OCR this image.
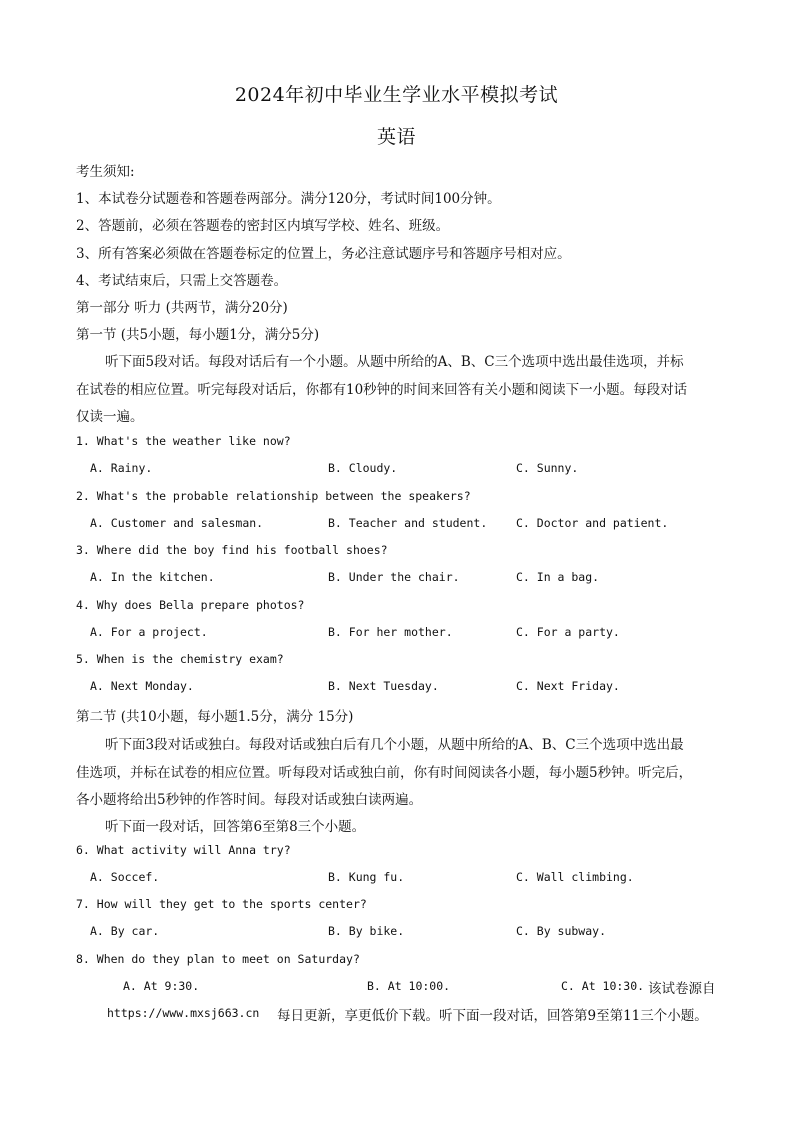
2024年初中毕业生学业水平模拟考试
英语
考生须知:
1、本试卷分试题卷和答题卷两部分。满分120分，考试时间100分钟。
2、答题前，必须在答题卷的密封区内填写学校、姓名、班级。
3、所有答案必须做在答题卷标定的位置上，务必注意试题序号和答题序号相对应。
4、考试结束后，只需上交答题卷。
第一部分 听力 (共两节，满分20分)
第一节 (共5小题，每小题1分，满分5分)
听下面5段对话。每段对话后有一个小题。从题中所给的A、B、C三个选项中选出最佳选项，并标
在试卷的相应位置。听完每段对话后，你都有10秒钟的时间来回答有关小题和阅读下一小题。每段对话
仅读一遍。
1. What's the weather like now?
A. Rainy.	B. Cloudy.	C. Sunny.
2. What's the probable relationship between the speakers?
A. Customer and salesman.	B. Teacher and student.	C. Doctor and patient.
3. Where did the boy find his football shoes?
A. In the kitchen.	B. Under the chair.	C. In a bag.
4. Why does Bella prepare photos?
A. For a project.	B. For her mother.	C. For a party.
5. When is the chemistry exam?
A. Next Monday.	B. Next Tuesday.	C. Next Friday.
第二节 (共10小题，每小题1.5分，满分 15分)
听下面3段对话或独白。每段对话或独白后有几个小题，从题中所给的A、B、C三个选项中选出最
佳选项，并标在试卷的相应位置。听每段对话或独白前，你有时间阅读各小题，每小题5秒钟。听完后，
各小题将给出5秒钟的作答时间。每段对话或独白读两遍。
听下面一段对话，回答第6至第8三个小题。
6. What activity will Anna try?
A. Soccef.	B. Kung fu.	C. Wall climbing.
7. How will they get to the sports center?
A. By car.	B. By bike.	C. By subway.
8. When do they plan to meet on Saturday?
A. At 9:30.	B. At 10:00.	C. At 10:30. 该试卷源自
https://www.mxsj663.cn 每日更新，享更低价下载。听下面一段对话，回答第9至第11三个小题。
